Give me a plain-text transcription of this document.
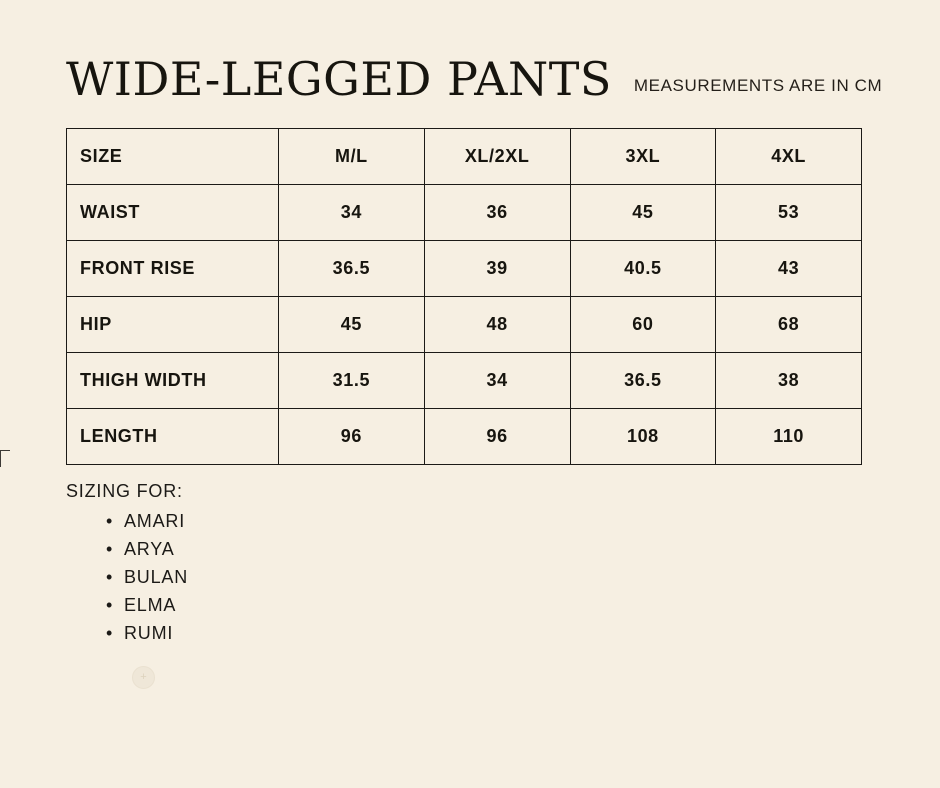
WIDE-LEGGED PANTS MEASUREMENTS ARE IN CM
SIZE	M/L	XL/2XL	3XL	4XL
WAIST	34	36	45	53
FRONT RISE	36.5	39	40.5	43
HIP	45	48	60	68
THIGH WIDTH	31.5	34	36.5	38
LENGTH	96	96	108	110
SIZING FOR:
• AMARI
• ARYA
• BULAN
• ELMA
• RUMI
+
